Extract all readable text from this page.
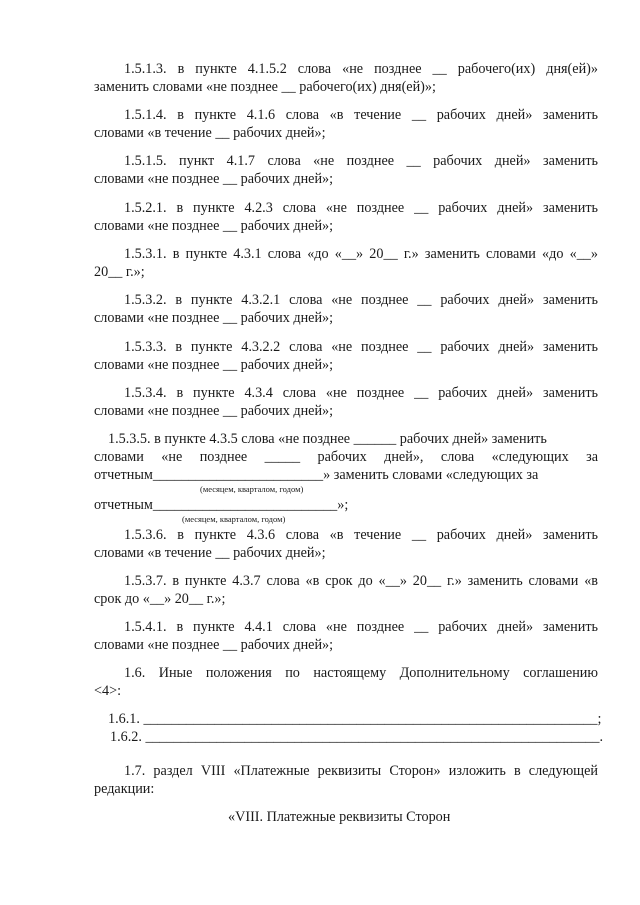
1.5.1.3. в пункте 4.1.5.2 слова «не позднее __ рабочего(их) дня(ей)»
заменить словами «не позднее __ рабочего(их) дня(ей)»;
1.5.1.4. в пункте 4.1.6 слова «в течение __ рабочих дней» заменить
словами «в течение __ рабочих дней»;
1.5.1.5. пункт 4.1.7 слова «не позднее __ рабочих дней» заменить
словами «не позднее __ рабочих дней»;
1.5.2.1. в пункте 4.2.3 слова «не позднее __ рабочих дней» заменить
словами «не позднее __ рабочих дней»;
1.5.3.1. в пункте 4.3.1 слова «до «__» 20__ г.» заменить словами «до «__»
20__ г.»;
1.5.3.2. в пункте 4.3.2.1 слова «не позднее __ рабочих дней» заменить
словами «не позднее __ рабочих дней»;
1.5.3.3. в пункте 4.3.2.2 слова «не позднее __ рабочих дней» заменить
словами «не позднее __ рабочих дней»;
1.5.3.4. в пункте 4.3.4 слова «не позднее __ рабочих дней» заменить
словами «не позднее __ рабочих дней»;
1.5.3.5. в пункте 4.3.5 слова «не позднее ______ рабочих дней» заменить
словами «не позднее _____ рабочих дней», слова «следующих за
отчетным________________________» заменить словами «следующих за
(месяцем, кварталом, годом)
отчетным__________________________»;
(месяцем, кварталом, годом)
1.5.3.6. в пункте 4.3.6 слова «в течение __ рабочих дней» заменить
словами «в течение __ рабочих дней»;
1.5.3.7. в пункте 4.3.7 слова «в срок до «__» 20__ г.» заменить словами «в
срок до «__» 20__ г.»;
1.5.4.1. в пункте 4.4.1 слова «не позднее __ рабочих дней» заменить
словами «не позднее __ рабочих дней»;
1.6. Иные положения по настоящему Дополнительному соглашению
<4>:
1.6.1. ________________________________________________________________;
1.6.2. ________________________________________________________________.
1.7. раздел VIII «Платежные реквизиты Сторон» изложить в следующей
редакции:
«VIII. Платежные реквизиты Сторон
